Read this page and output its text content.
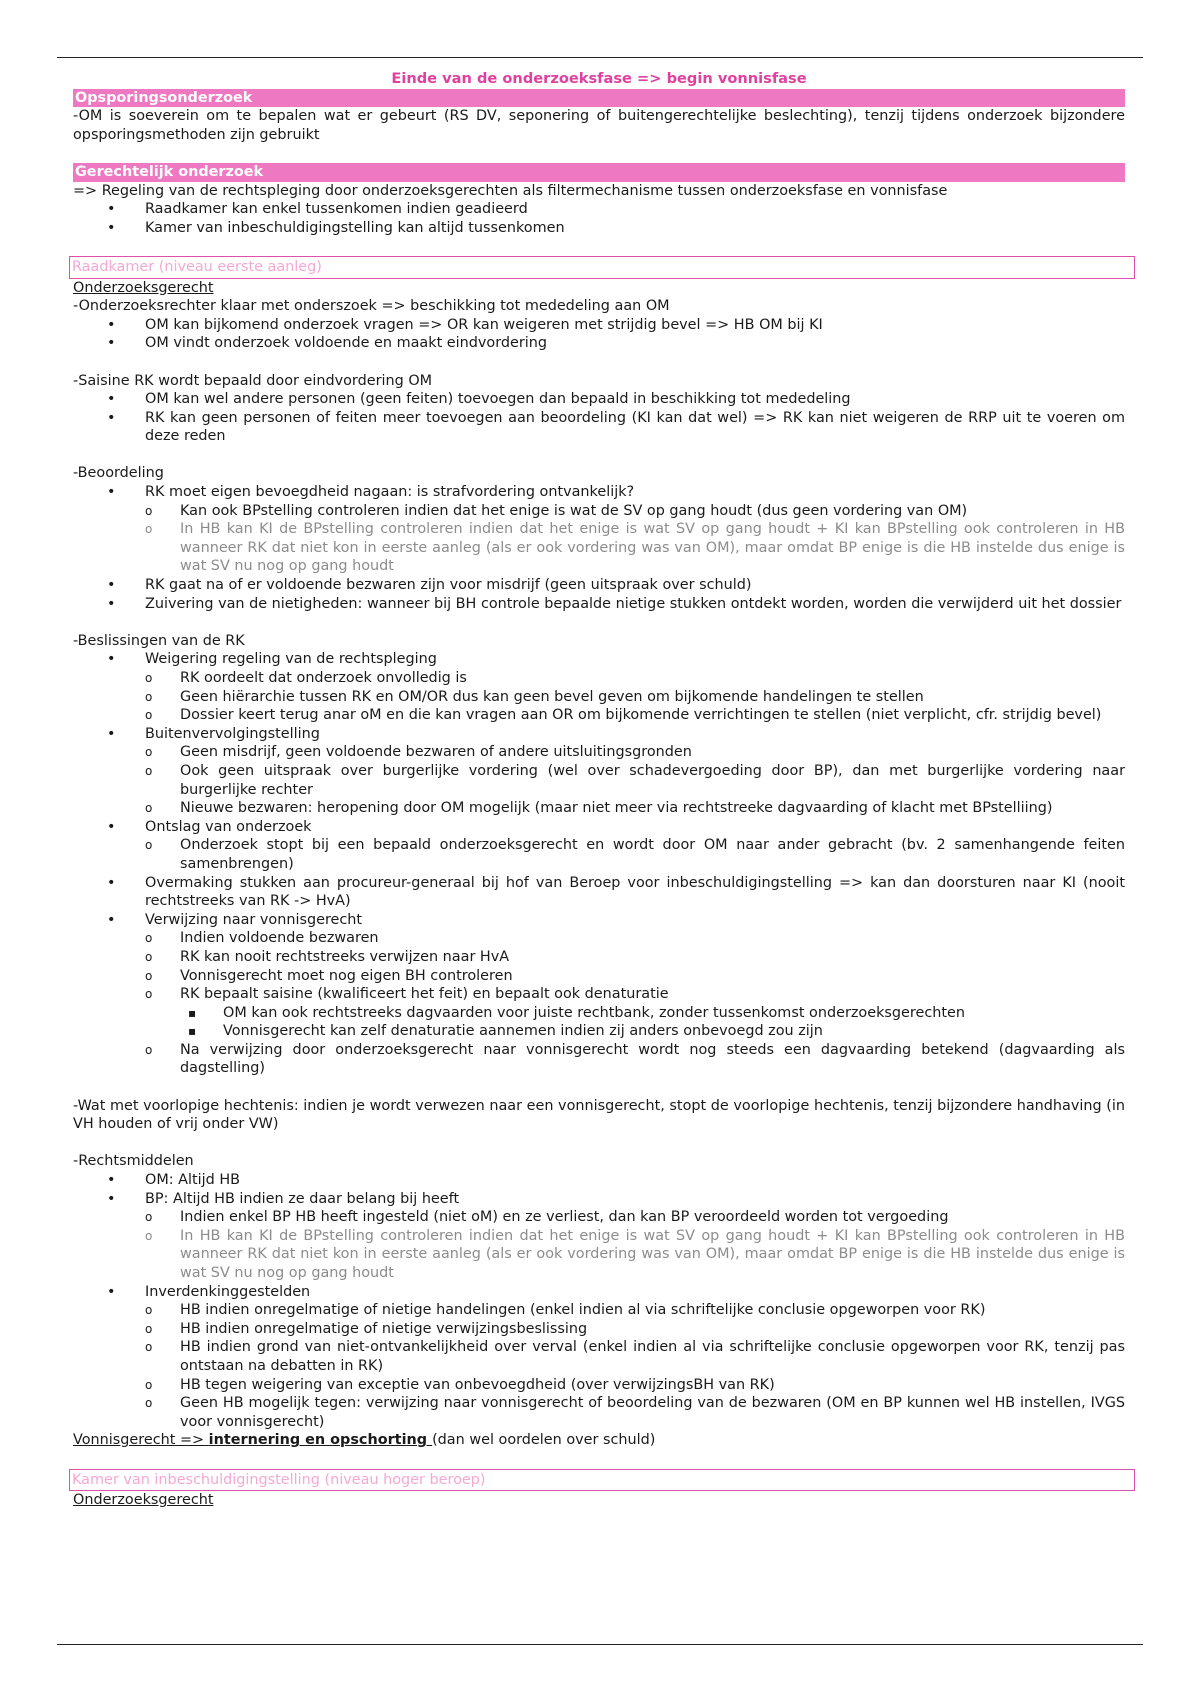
Einde van de onderzoeksfase => begin vonnisfase
Opsporingsonderzoek
-OM is soeverein om te bepalen wat er gebeurt (RS DV, seponering of buitengerechtelijke beslechting), tenzij tijdens onderzoek bijzondere opsporingsmethoden zijn gebruikt
Gerechtelijk onderzoek
=> Regeling van de rechtspleging door onderzoeksgerechten als filtermechanisme tussen onderzoeksfase en vonnisfase
• Raadkamer kan enkel tussenkomen indien geadieerd
• Kamer van inbeschuldigingstelling kan altijd tussenkomen
Raadkamer (niveau eerste aanleg)
Onderzoeksgerecht
-Onderzoeksrechter klaar met onderszoek => beschikking tot mededeling aan OM
• OM kan bijkomend onderzoek vragen => OR kan weigeren met strijdig bevel => HB OM bij KI
• OM vindt onderzoek voldoende en maakt eindvordering
-Saisine RK wordt bepaald door eindvordering OM
• OM kan wel andere personen (geen feiten) toevoegen dan bepaald in beschikking tot mededeling
• RK kan geen personen of feiten meer toevoegen aan beoordeling (KI kan dat wel) => RK kan niet weigeren de RRP uit te voeren om deze reden
-Beoordeling
• RK moet eigen bevoegdheid nagaan: is strafvordering ontvankelijk?
o Kan ook BPstelling controleren indien dat het enige is wat de SV op gang houdt (dus geen vordering van OM)
o In HB kan KI de BPstelling controleren indien dat het enige is wat SV op gang houdt + KI kan BPstelling ook controleren in HB wanneer RK dat niet kon in eerste aanleg (als er ook vordering was van OM), maar omdat BP enige is die HB instelde dus enige is wat SV nu nog op gang houdt
• RK gaat na of er voldoende bezwaren zijn voor misdrijf (geen uitspraak over schuld)
• Zuivering van de nietigheden: wanneer bij BH controle bepaalde nietige stukken ontdekt worden, worden die verwijderd uit het dossier
-Beslissingen van de RK
• Weigering regeling van de rechtspleging
o RK oordeelt dat onderzoek onvolledig is
o Geen hiërarchie tussen RK en OM/OR dus kan geen bevel geven om bijkomende handelingen te stellen
o Dossier keert terug anar oM en die kan vragen aan OR om bijkomende verrichtingen te stellen (niet verplicht, cfr. strijdig bevel)
• Buitenvervolgingstelling
o Geen misdrijf, geen voldoende bezwaren of andere uitsluitingsgronden
o Ook geen uitspraak over burgerlijke vordering (wel over schadevergoeding door BP), dan met burgerlijke vordering naar burgerlijke rechter
o Nieuwe bezwaren: heropening door OM mogelijk (maar niet meer via rechtstreeke dagvaarding of klacht met BPstelliing)
• Ontslag van onderzoek
o Onderzoek stopt bij een bepaald onderzoeksgerecht en wordt door OM naar ander gebracht (bv. 2 samenhangende feiten samenbrengen)
• Overmaking stukken aan procureur-generaal bij hof van Beroep voor inbeschuldigingstelling => kan dan doorsturen naar KI (nooit rechtstreeks van RK -> HvA)
• Verwijzing naar vonnisgerecht
o Indien voldoende bezwaren
o RK kan nooit rechtstreeks verwijzen naar HvA
o Vonnisgerecht moet nog eigen BH controleren
o RK bepaalt saisine (kwalificeert het feit) en bepaalt ook denaturatie
▪ OM kan ook rechtstreeks dagvaarden voor juiste rechtbank, zonder tussenkomst onderzoeksgerechten
▪ Vonnisgerecht kan zelf denaturatie aannemen indien zij anders onbevoegd zou zijn
o Na verwijzing door onderzoeksgerecht naar vonnisgerecht wordt nog steeds een dagvaarding betekend (dagvaarding als dagstelling)
-Wat met voorlopige hechtenis: indien je wordt verwezen naar een vonnisgerecht, stopt de voorlopige hechtenis, tenzij bijzondere handhaving (in VH houden of vrij onder VW)
-Rechtsmiddelen
• OM: Altijd HB
• BP: Altijd HB indien ze daar belang bij heeft
o Indien enkel BP HB heeft ingesteld (niet oM) en ze verliest, dan kan BP veroordeeld worden tot vergoeding
o In HB kan KI de BPstelling controleren indien dat het enige is wat SV op gang houdt + KI kan BPstelling ook controleren in HB wanneer RK dat niet kon in eerste aanleg (als er ook vordering was van OM), maar omdat BP enige is die HB instelde dus enige is wat SV nu nog op gang houdt
• Inverdenkinggestelden
o HB indien onregelmatige of nietige handelingen (enkel indien al via schriftelijke conclusie opgeworpen voor RK)
o HB indien onregelmatige of nietige verwijzingsbeslissing
o HB indien grond van niet-ontvankelijkheid over verval (enkel indien al via schriftelijke conclusie opgeworpen voor RK, tenzij pas ontstaan na debatten in RK)
o HB tegen weigering van exceptie van onbevoegdheid (over verwijzingsBH van RK)
o Geen HB mogelijk tegen: verwijzing naar vonnisgerecht of beoordeling van de bezwaren (OM en BP kunnen wel HB instellen, IVGS voor vonnisgerecht)
Vonnisgerecht => internering en opschorting (dan wel oordelen over schuld)
Kamer van inbeschuldigingstelling (niveau hoger beroep)
Onderzoeksgerecht
